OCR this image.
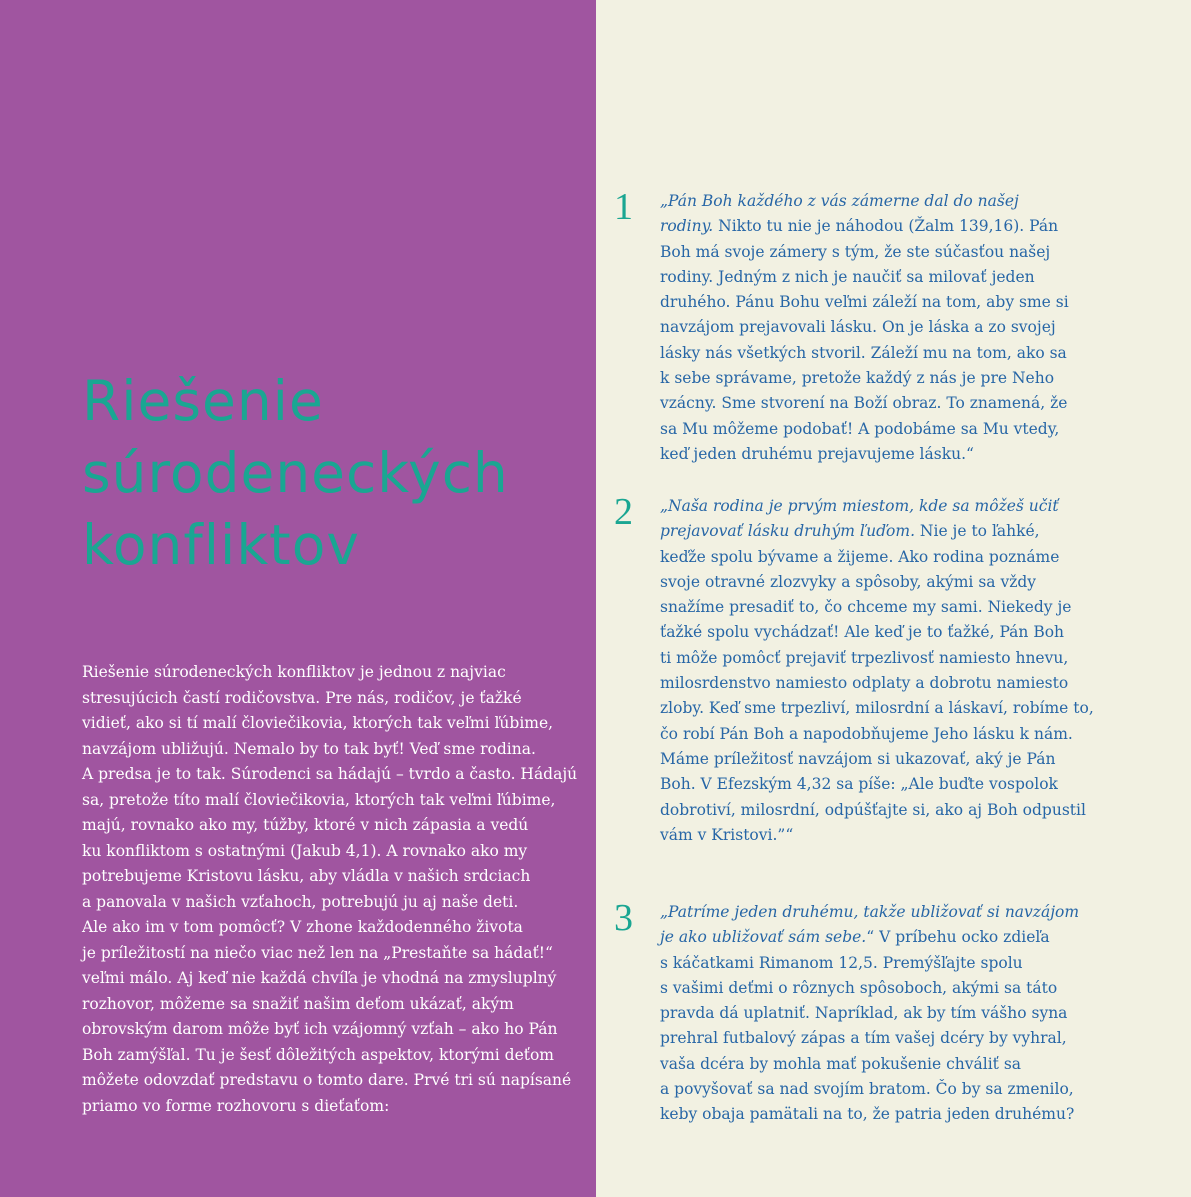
Riešenie
súrodeneckých
konfliktov
Riešenie súrodeneckých konfliktov je jednou z najviac
stresujúcich častí rodičovstva. Pre nás, rodičov, je ťažké
vidieť, ako si tí malí človiečikovia, ktorých tak veľmi ľúbime,
navzájom ubližujú. Nemalo by to tak byť! Veď sme rodina.
A predsa je to tak. Súrodenci sa hádajú – tvrdo a často. Hádajú
sa, pretože títo malí človiečikovia, ktorých tak veľmi ľúbime,
majú, rovnako ako my, túžby, ktoré v nich zápasia a vedú
ku konfliktom s ostatnými (Jakub 4,1). A rovnako ako my
potrebujeme Kristovu lásku, aby vládla v našich srdciach
a panovala v našich vzťahoch, potrebujú ju aj naše deti.
Ale ako im v tom pomôcť? V zhone každodenného života
je príležitostí na niečo viac než len na „Prestaňte sa hádať!“
veľmi málo. Aj keď nie každá chvíľa je vhodná na zmysluplný
rozhovor, môžeme sa snažiť našim deťom ukázať, akým
obrovským darom môže byť ich vzájomný vzťah – ako ho Pán
Boh zamýšľal. Tu je šesť dôležitých aspektov, ktorými deťom
môžete odovzdať predstavu o tomto dare. Prvé tri sú napísané
priamo vo forme rozhovoru s dieťaťom:
1	„Pán Boh každého z vás zámerne dal do našej
rodiny. Nikto tu nie je náhodou (Žalm 139,16). Pán
Boh má svoje zámery s tým, že ste súčasťou našej
rodiny. Jedným z nich je naučiť sa milovať jeden
druhého. Pánu Bohu veľmi záleží na tom, aby sme si
navzájom prejavovali lásku. On je láska a zo svojej
lásky nás všetkých stvoril. Záleží mu na tom, ako sa
k sebe správame, pretože každý z nás je pre Neho
vzácny. Sme stvorení na Boží obraz. To znamená, že
sa Mu môžeme podobať! A podobáme sa Mu vtedy,
keď jeden druhému prejavujeme lásku.“
2	„Naša rodina je prvým miestom, kde sa môžeš učiť
prejavovať lásku druhým ľuďom. Nie je to ľahké,
keďže spolu bývame a žijeme. Ako rodina poznáme
svoje otravné zlozvyky a spôsoby, akými sa vždy
snažíme presadiť to, čo chceme my sami. Niekedy je
ťažké spolu vychádzať! Ale keď je to ťažké, Pán Boh
ti môže pomôcť prejaviť trpezlivosť namiesto hnevu,
milosrdenstvo namiesto odplaty a dobrotu namiesto
zloby. Keď sme trpezliví, milosrdní a láskaví, robíme to,
čo robí Pán Boh a napodobňujeme Jeho lásku k nám.
Máme príležitosť navzájom si ukazovať, aký je Pán
Boh. V Efezským 4,32 sa píše: „Ale buďte vospolok
dobrotiví, milosrdní, odpúšťajte si, ako aj Boh odpustil
vám v Kristovi.”“
3	„Patríme jeden druhému, takže ubližovať si navzájom
je ako ubližovať sám sebe.“ V príbehu ocko zdieľa
s káčatkami Rimanom 12,5. Premýšľajte spolu
s vašimi deťmi o rôznych spôsoboch, akými sa táto
pravda dá uplatniť. Napríklad, ak by tím vášho syna
prehral futbalový zápas a tím vašej dcéry by vyhral,
vaša dcéra by mohla mať pokušenie chváliť sa
a povyšovať sa nad svojím bratom. Čo by sa zmenilo,
keby obaja pamätali na to, že patria jeden druhému?
